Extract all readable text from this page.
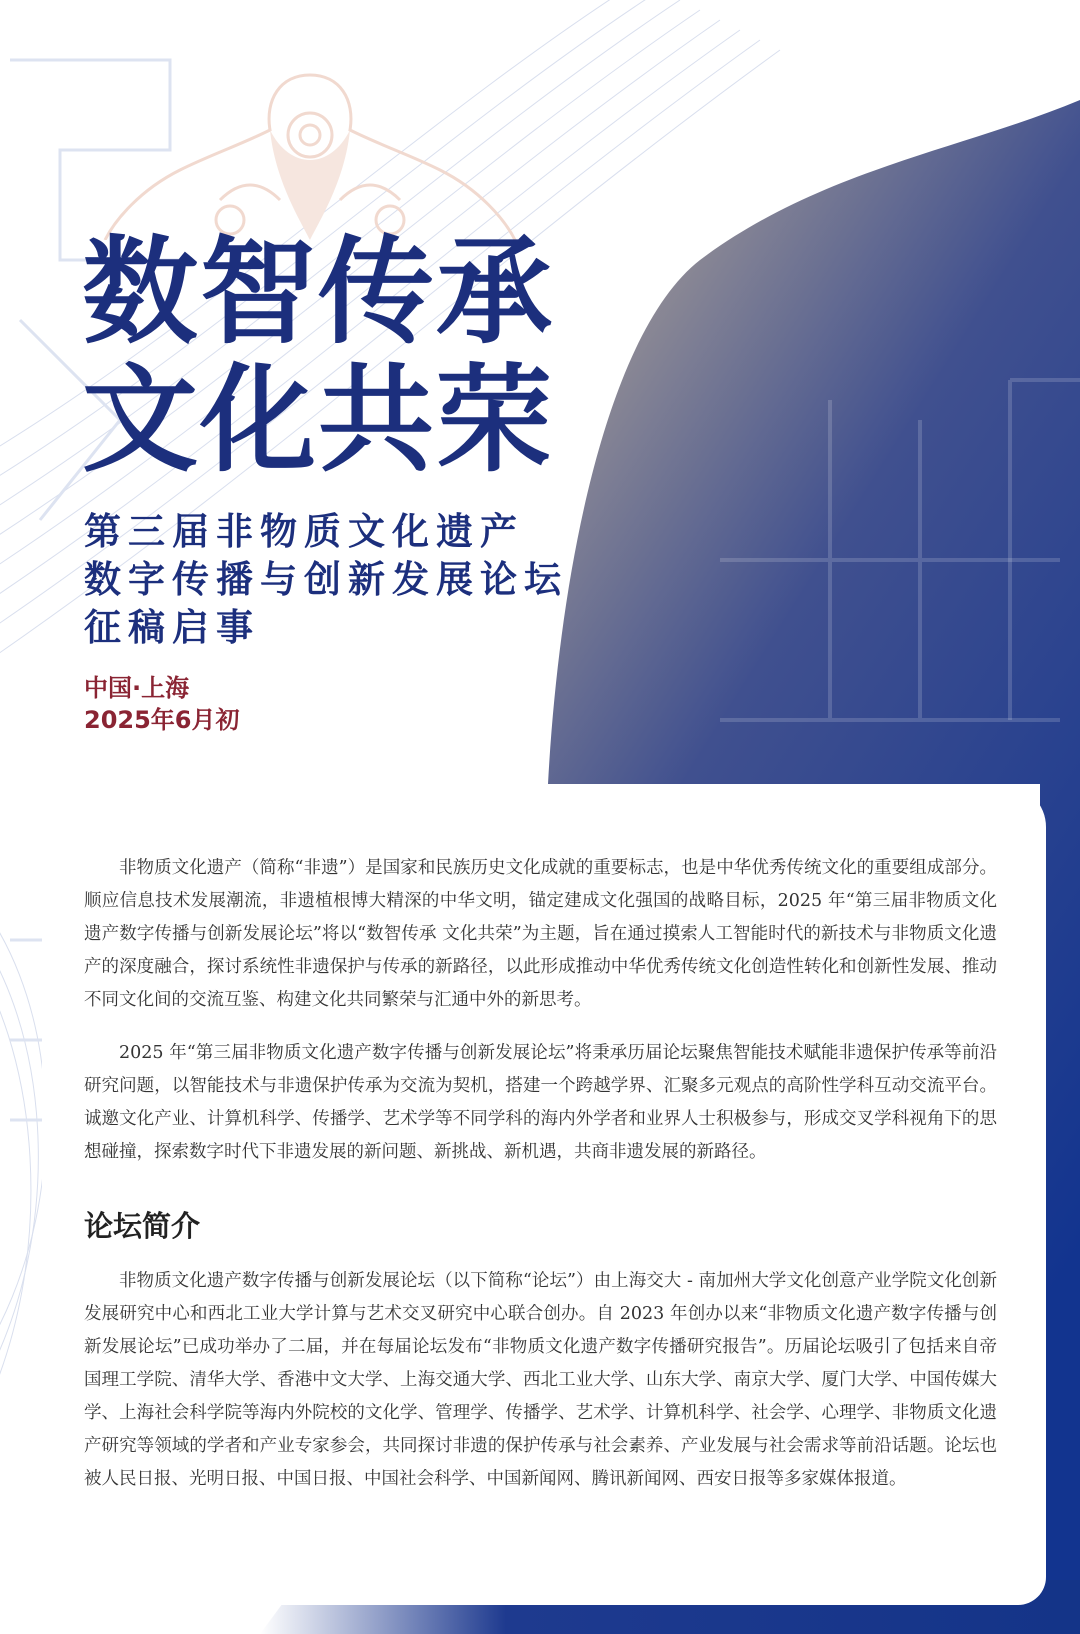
数智传承
文化共荣
第三届非物质文化遗产
数字传播与创新发展论坛
征稿启事
中国·上海
2025年6月初

非物质文化遗产（简称“非遗”）是国家和民族历史文化成就的重要标志，也是中华优秀传统文化的重要组成部分。顺应信息技术发展潮流，非遗植根博大精深的中华文明，锚定建成文化强国的战略目标，2025 年“第三届非物质文化遗产数字传播与创新发展论坛”将以“数智传承 文化共荣”为主题，旨在通过摸索人工智能时代的新技术与非物质文化遗产的深度融合，探讨系统性非遗保护与传承的新路径，以此形成推动中华优秀传统文化创造性转化和创新性发展、推动不同文化间的交流互鉴、构建文化共同繁荣与汇通中外的新思考。

2025 年“第三届非物质文化遗产数字传播与创新发展论坛”将秉承历届论坛聚焦智能技术赋能非遗保护传承等前沿研究问题，以智能技术与非遗保护传承为交流为契机，搭建一个跨越学界、汇聚多元观点的高阶性学科互动交流平台。诚邀文化产业、计算机科学、传播学、艺术学等不同学科的海内外学者和业界人士积极参与，形成交叉学科视角下的思想碰撞，探索数字时代下非遗发展的新问题、新挑战、新机遇，共商非遗发展的新路径。

论坛简介

非物质文化遗产数字传播与创新发展论坛（以下简称“论坛”）由上海交大 - 南加州大学文化创意产业学院文化创新发展研究中心和西北工业大学计算与艺术交叉研究中心联合创办。自 2023 年创办以来“非物质文化遗产数字传播与创新发展论坛”已成功举办了二届，并在每届论坛发布“非物质文化遗产数字传播研究报告”。历届论坛吸引了包括来自帝国理工学院、清华大学、香港中文大学、上海交通大学、西北工业大学、山东大学、南京大学、厦门大学、中国传媒大学、上海社会科学院等海内外院校的文化学、管理学、传播学、艺术学、计算机科学、社会学、心理学、非物质文化遗产研究等领域的学者和产业专家参会，共同探讨非遗的保护传承与社会素养、产业发展与社会需求等前沿话题。论坛也被人民日报、光明日报、中国日报、中国社会科学、中国新闻网、腾讯新闻网、西安日报等多家媒体报道。
